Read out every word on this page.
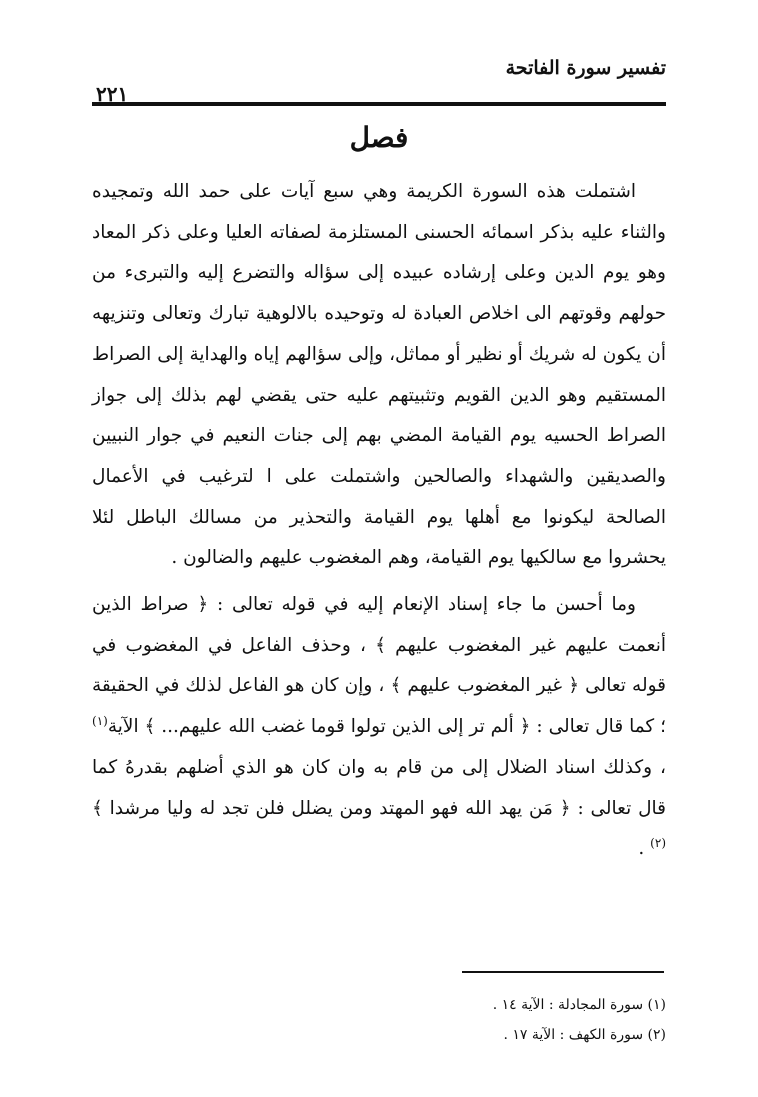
تفسير سورة الفاتحة
٢٢١
فصل

اشتملت هذه السورة الكريمة وهي سبع آيات على حمد الله وتمجيده والثناء عليه بذكر اسمائه الحسنى المستلزمة لصفاته العليا وعلى ذكر المعاد وهو يوم الدين وعلى إرشاده عبيده إلى سؤاله والتضرع إليه والتبرىء من حولهم وقوتهم الى اخلاص العبادة له وتوحيده بالالوهية تبارك وتعالى وتنزيهه أن يكون له شريك أو نظير أو مماثل، وإلى سؤالهم إياه والهداية إلى الصراط المستقيم وهو الدين القويم وتثبيتهم عليه حتى يقضي لهم بذلك إلى جواز الصراط الحسيه يوم القيامة المضي بهم إلى جنات النعيم في جوار النبيين والصديقين والشهداء والصالحين واشتملت على ا لترغيب في الأعمال الصالحة ليكونوا مع أهلها يوم القيامة والتحذير من مسالك الباطل لئلا يحشروا مع سالكيها يوم القيامة، وهم المغضوب عليهم والضالون .

وما أحسن ما جاء إسناد الإنعام إليه في قوله تعالى : ﴿ صراط الذين أنعمت عليهم غير المغضوب عليهم ﴾ ، وحذف الفاعل في المغضوب في قوله تعالى ﴿ غير المغضوب عليهم ﴾ ، وإن كان هو الفاعل لذلك في الحقيقة ؛ كما قال تعالى : ﴿ ألم تر إلى الذين تولوا قوما غضب الله عليهم... ﴾ الآية$^{(١)}$ ، وكذلك اسناد الضلال إلى من قام به وان كان هو الذي أضلهم بقدرهُ كما قال تعالى : ﴿ مَن يهد الله فهو المهتد ومن يضلل فلن تجد له وليا مرشدا ﴾$^{(٢)}$ .

(١) سورة المجادلة : الآية ١٤ .

(٢) سورة الكهف : الآية ١٧ .
